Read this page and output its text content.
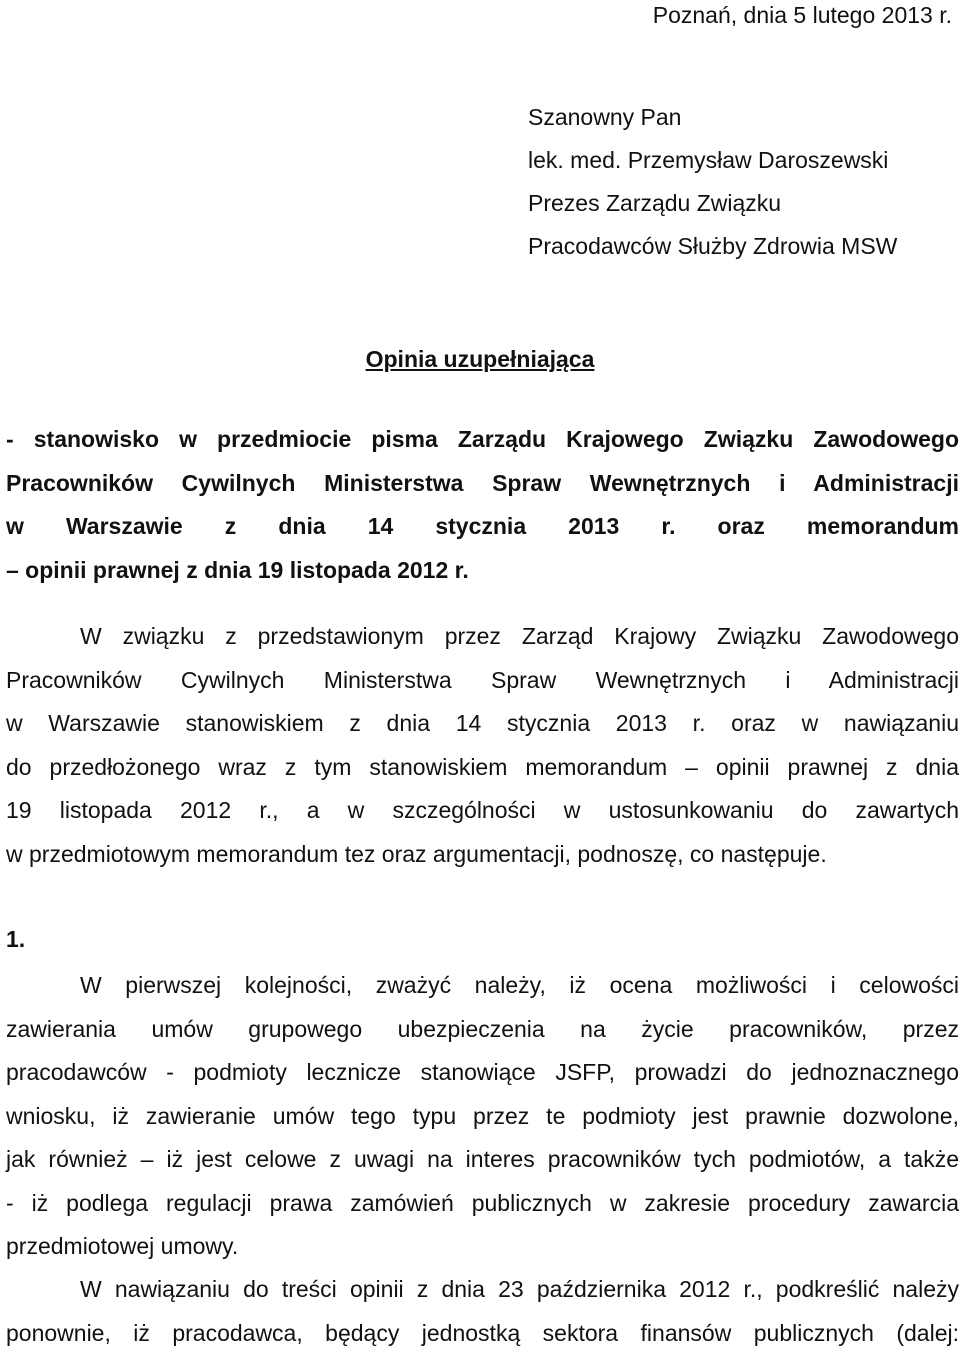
Poznań, dnia 5 lutego 2013 r.
Szanowny Pan
lek. med. Przemysław Daroszewski
Prezes Zarządu Związku
Pracodawców Służby Zdrowia MSW
Opinia uzupełniająca
- stanowisko w przedmiocie pisma Zarządu Krajowego Związku Zawodowego
Pracowników Cywilnych Ministerstwa Spraw Wewnętrznych i Administracji
w Warszawie z dnia 14 stycznia 2013 r. oraz memorandum
– opinii prawnej z dnia 19 listopada 2012 r.
W związku z przedstawionym przez Zarząd Krajowy Związku Zawodowego
Pracowników Cywilnych Ministerstwa Spraw Wewnętrznych i Administracji
w Warszawie stanowiskiem z dnia 14 stycznia 2013 r. oraz w nawiązaniu
do przedłożonego wraz z tym stanowiskiem memorandum – opinii prawnej z dnia
19 listopada 2012 r., a w szczególności w ustosunkowaniu do zawartych
w przedmiotowym memorandum tez oraz argumentacji, podnoszę, co następuje.
1.
W pierwszej kolejności, zważyć należy, iż ocena możliwości i celowości
zawierania umów grupowego ubezpieczenia na życie pracowników, przez
pracodawców - podmioty lecznicze stanowiące JSFP, prowadzi do jednoznacznego
wniosku, iż zawieranie umów tego typu przez te podmioty jest prawnie dozwolone,
jak również – iż jest celowe z uwagi na interes pracowników tych podmiotów, a także
- iż podlega regulacji prawa zamówień publicznych w zakresie procedury zawarcia
przedmiotowej umowy.
W nawiązaniu do treści opinii z dnia 23 października 2012 r., podkreślić należy
ponownie, iż pracodawca, będący jednostką sektora finansów publicznych (dalej:
